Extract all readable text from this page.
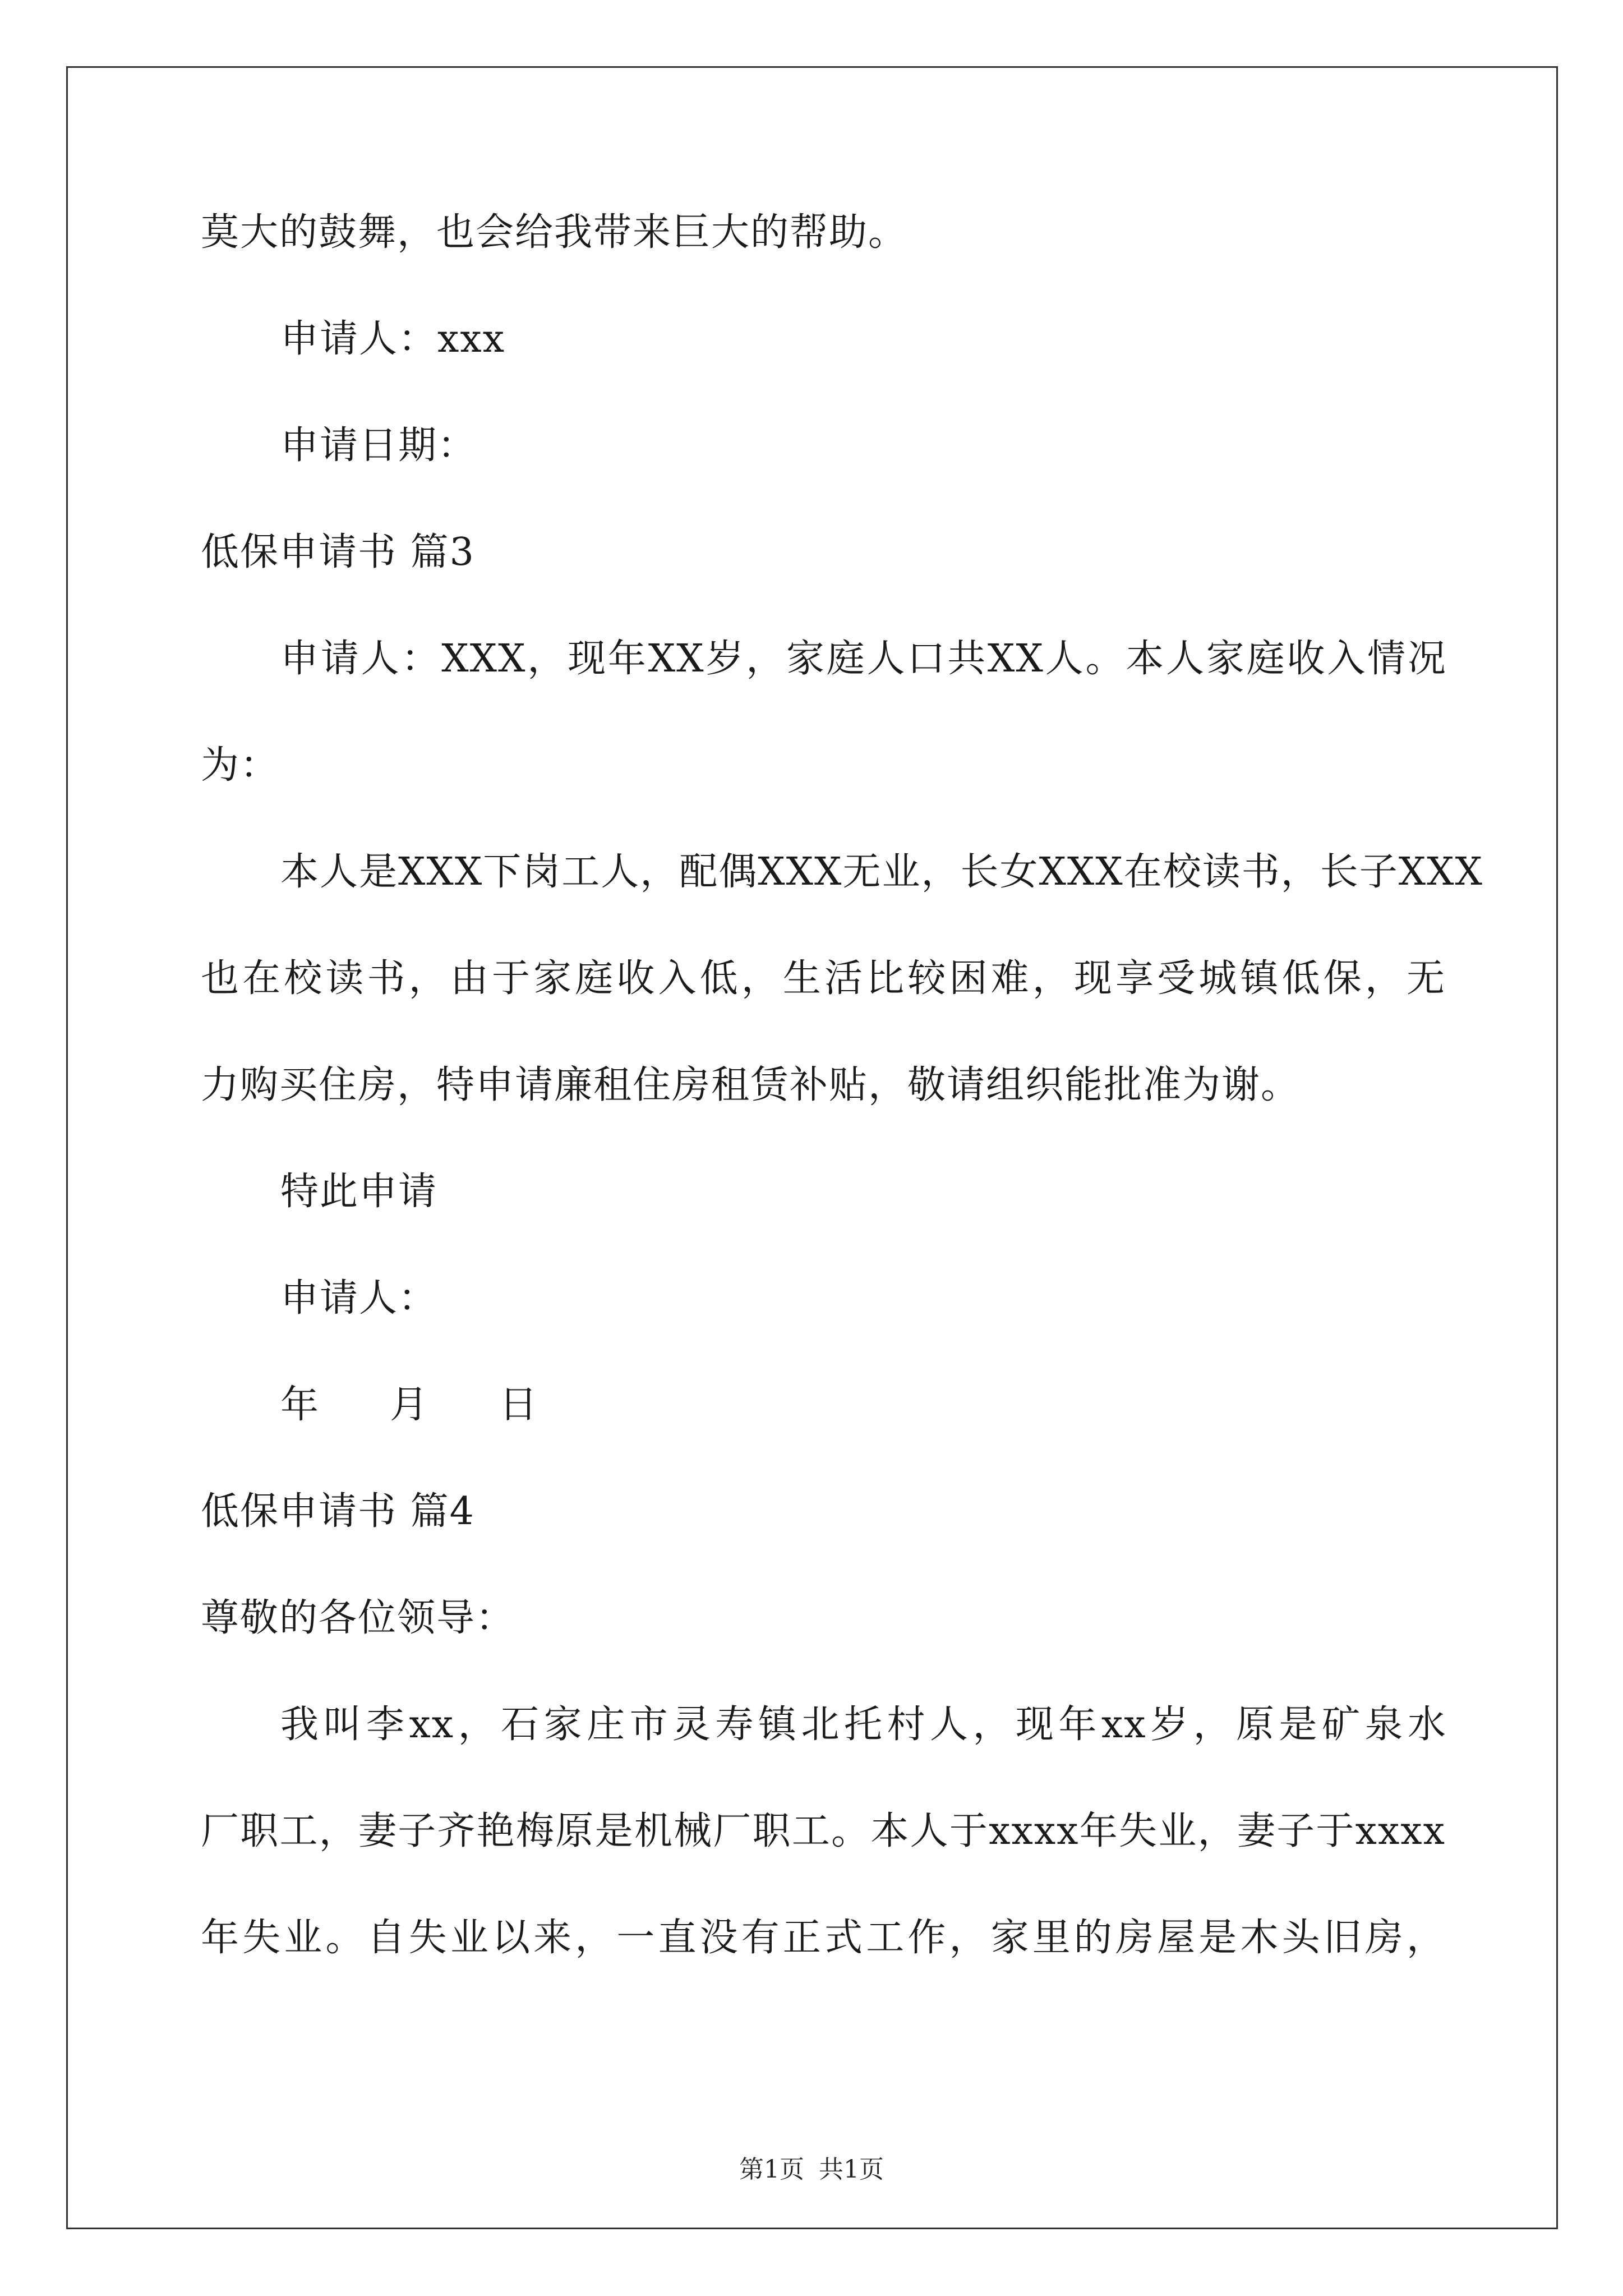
莫大的鼓舞，也会给我带来巨大的帮助。
申请人：xxx
申请日期：
低保申请书 篇3
申请人：XXX，现年XX岁，家庭人口共XX人。本人家庭收入情况
为：
本人是XXX下岗工人，配偶XXX无业，长女XXX在校读书，长子XXX
也在校读书，由于家庭收入低，生活比较困难，现享受城镇低保，无
力购买住房，特申请廉租住房租赁补贴，敬请组织能批准为谢。
特此申请
申请人：
年	月	日
低保申请书 篇4
尊敬的各位领导：
我叫李xx，石家庄市灵寿镇北托村人，现年xx岁，原是矿泉水
厂职工，妻子齐艳梅原是机械厂职工。本人于xxxx年失业，妻子于xxxx
年失业。自失业以来，一直没有正式工作，家里的房屋是木头旧房，
第1页 共1页
